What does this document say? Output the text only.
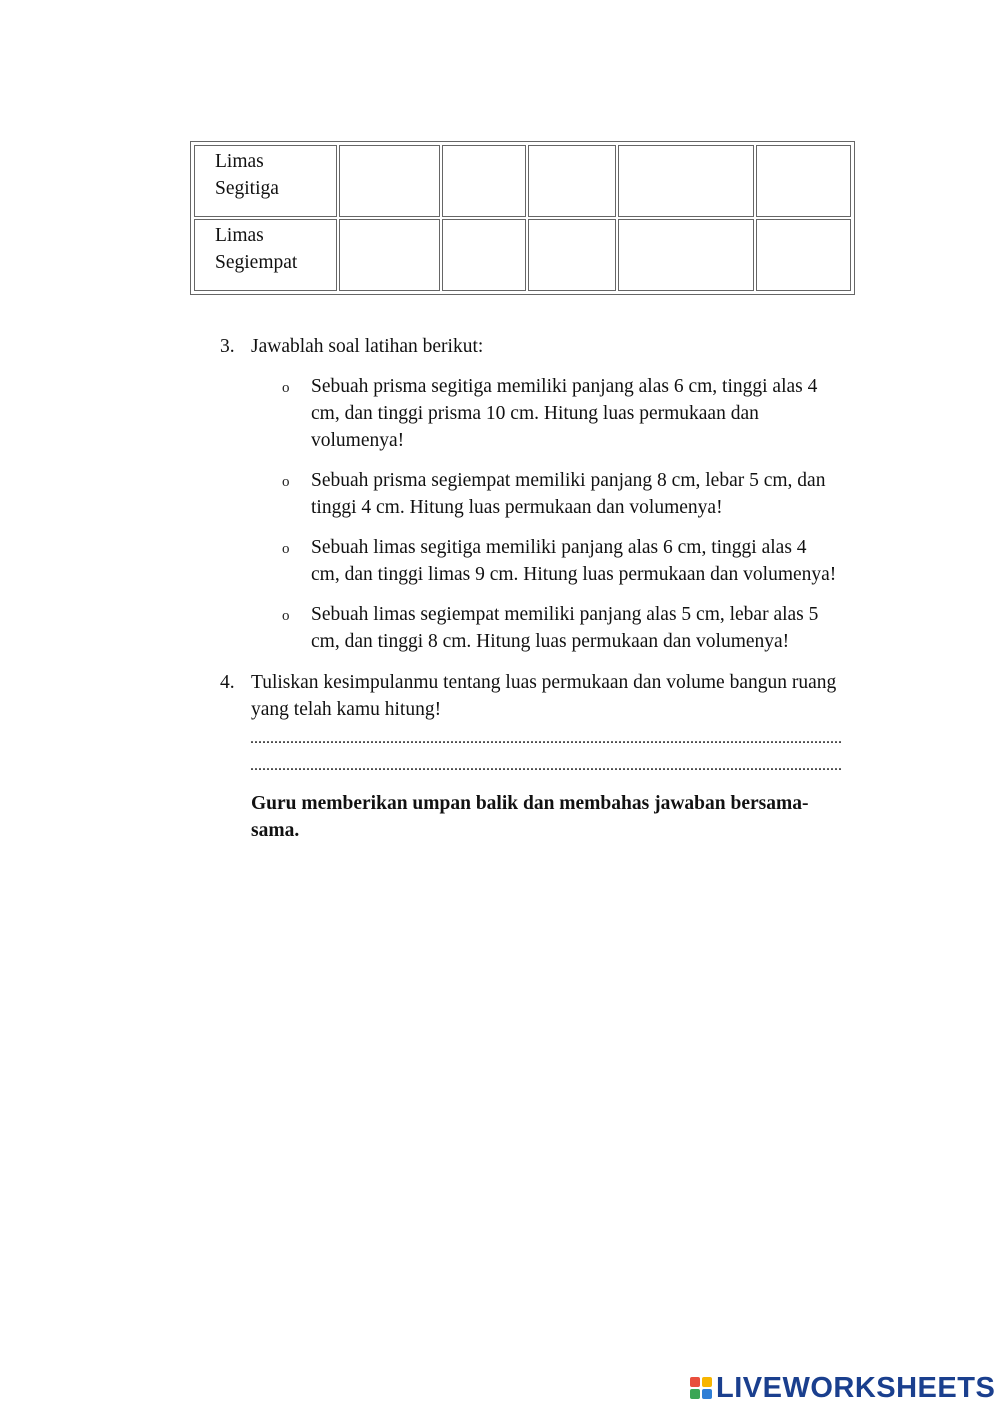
Limas
Segitiga					

Limas
Segiempat					

3. Jawablah soal latihan berikut:
o Sebuah prisma segitiga memiliki panjang alas 6 cm, tinggi alas 4
cm, dan tinggi prisma 10 cm. Hitung luas permukaan dan
volumenya!
o Sebuah prisma segiempat memiliki panjang 8 cm, lebar 5 cm, dan
tinggi 4 cm. Hitung luas permukaan dan volumenya!
o Sebuah limas segitiga memiliki panjang alas 6 cm, tinggi alas 4
cm, dan tinggi limas 9 cm. Hitung luas permukaan dan volumenya!
o Sebuah limas segiempat memiliki panjang alas 5 cm, lebar alas 5
cm, dan tinggi 8 cm. Hitung luas permukaan dan volumenya!
4. Tuliskan kesimpulanmu tentang luas permukaan dan volume bangun ruang
yang telah kamu hitung!
....................................................................................................................................................
....................................................................................................................................................
Guru memberikan umpan balik dan membahas jawaban bersama-
sama.
LIVEWORKSHEETS
